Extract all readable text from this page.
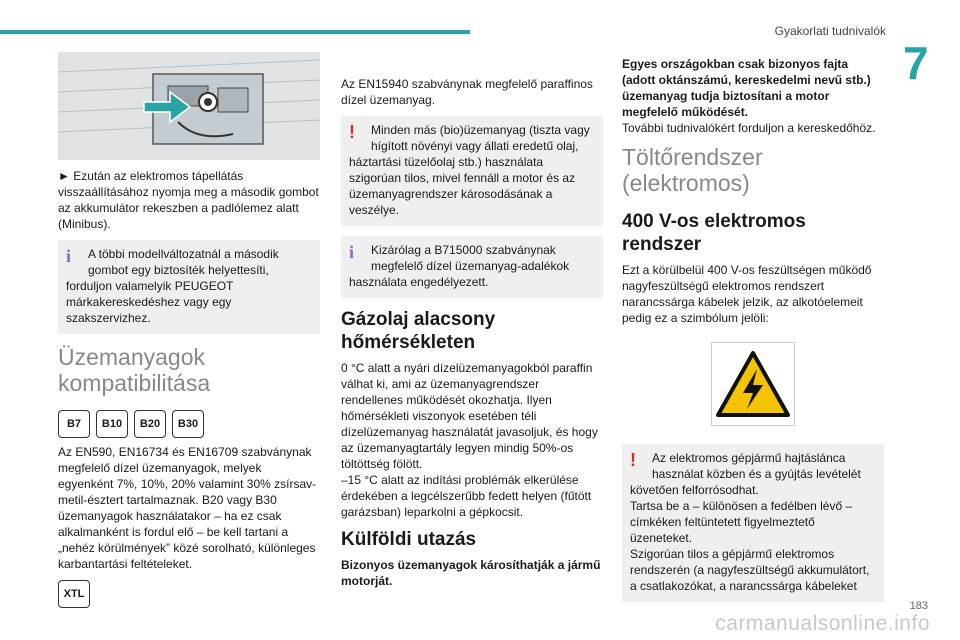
Gyakorlati tudnivalók
7
► Ezután az elektromos tápellátás visszaállításához nyomja meg a második gombot az akkumulátor rekeszben a padlólemez alatt (Minibus).
i	A többi modellváltozatnál a második gombot egy biztosíték helyettesíti,
forduljon valamelyik PEUGEOT márkakereskedéshez vagy egy szakszervizhez.
Üzemanyagok kompatibilitása
B7	B10	B20	B30
Az EN590, EN16734 és EN16709 szabványnak megfelelő dízel üzemanyagok, melyek egyenként 7%, 10%, 20% valamint 30% zsírsav-metil-észtert tartalmaznak. B20 vagy B30 üzemanyagok használatakor – ha ez csak alkalmanként is fordul elő – be kell tartani a „nehéz körülmények” közé sorolható, különleges karbantartási feltételeket.
XTL
Az EN15940 szabványnak megfelelő paraffinos dízel üzemanyag.
!	Minden más (bio)üzemanyag (tiszta vagy hígított növényi vagy állati eredetű olaj,
háztartási tüzelőolaj stb.) használata szigorúan tilos, mivel fennáll a motor és az üzemanyagrendszer károsodásának a veszélye.
i	Kizárólag a B715000 szabványnak megfelelő dízel üzemanyag-adalékok
használata engedélyezett.
Gázolaj alacsony hőmérsékleten
0 °C alatt a nyári dízelüzemanyagokból paraffin válhat ki, ami az üzemanyagrendszer rendellenes működését okozhatja. Ilyen hőmérsékleti viszonyok esetében téli dízelüzemanyag használatát javasoljuk, és hogy az üzemanyagtartály legyen mindig 50%-os töltöttség fölött.
–15 °C alatt az indítási problémák elkerülése érdekében a legcélszerűbb fedett helyen (fűtött garázsban) leparkolni a gépkocsit.
Külföldi utazás
Bizonyos üzemanyagok károsíthatják a jármű motorját.
Egyes országokban csak bizonyos fajta (adott oktánszámú, kereskedelmi nevű stb.) üzemanyag tudja biztosítani a motor megfelelő működését.
További tudnivalókért forduljon a kereskedőhöz.
Töltőrendszer (elektromos)
400 V-os elektromos rendszer
Ezt a körülbelül 400 V-os feszültségen működő nagyfeszültségű elektromos rendszert narancssárga kábelek jelzik, az alkotóelemeit pedig ez a szimbólum jelöli:
!	Az elektromos gépjármű hajtáslánca használat közben és a gyújtás levételét
követően felforrósodhat.
Tartsa be a – különösen a fedélben lévő – címkéken feltüntetett figyelmeztető üzeneteket.
Szigorúan tilos a gépjármű elektromos rendszerén (a nagyfeszültségű akkumulátort, a csatlakozókat, a narancssárga kábeleket
carmanualsonline.info
183
